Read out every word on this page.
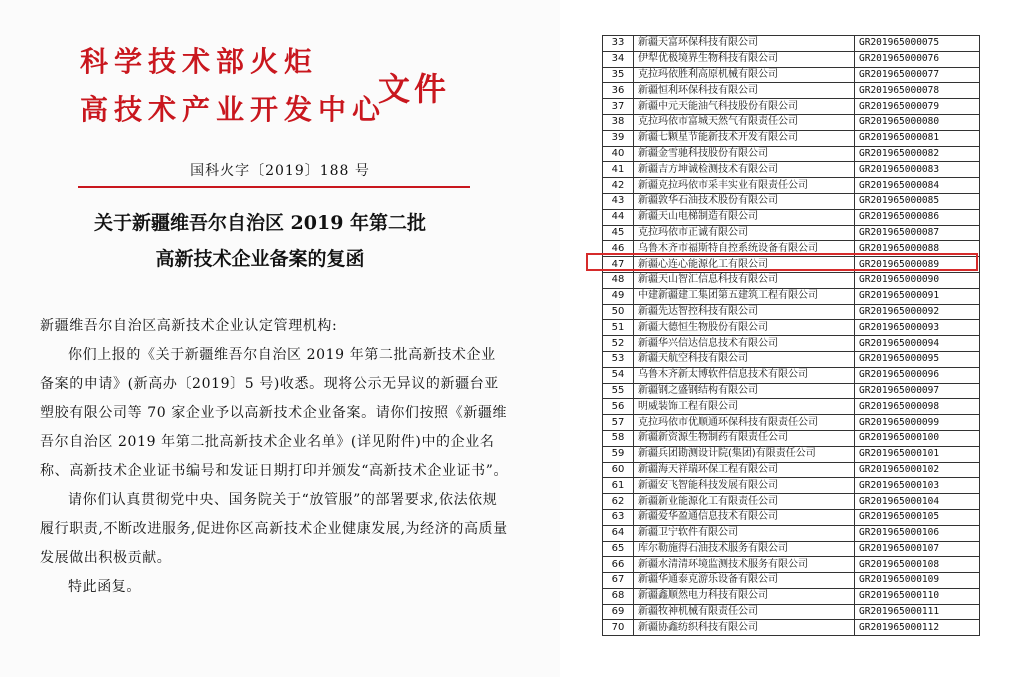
科学技术部火炬
高技术产业开发中心
文件
国科火字〔2019〕188 号
关于新疆维吾尔自治区 2019 年第二批
高新技术企业备案的复函

新疆维吾尔自治区高新技术企业认定管理机构:

你们上报的《关于新疆维吾尔自治区 2019 年第二批高新技术企业备案的申请》(新高办〔2019〕5 号)收悉。现将公示无异议的新疆台亚塑胶有限公司等 70 家企业予以高新技术企业备案。请你们按照《新疆维吾尔自治区 2019 年第二批高新技术企业名单》(详见附件)中的企业名称、高新技术企业证书编号和发证日期打印并颁发“高新技术企业证书”。

请你们认真贯彻党中央、国务院关于“放管服”的部署要求,依法依规履行职责,不断改进服务,促进你区高新技术企业健康发展,为经济的高质量发展做出积极贡献。

特此函复。

33	新疆天富环保科技有限公司	GR201965000075
34	伊犁优极境界生物科技有限公司	GR201965000076
35	克拉玛依胜利高原机械有限公司	GR201965000077
36	新疆恒利环保科技有限公司	GR201965000078
37	新疆中元天能油气科技股份有限公司	GR201965000079
38	克拉玛依市富城天然气有限责任公司	GR201965000080
39	新疆七颗星节能新技术开发有限公司	GR201965000081
40	新疆金雪驰科技股份有限公司	GR201965000082
41	新疆吉方坤诚检测技术有限公司	GR201965000083
42	新疆克拉玛依市采丰实业有限责任公司	GR201965000084
43	新疆敦华石油技术股份有限公司	GR201965000085
44	新疆天山电梯制造有限公司	GR201965000086
45	克拉玛依市正诚有限公司	GR201965000087
46	乌鲁木齐市福斯特自控系统设备有限公司	GR201965000088
47	新疆心连心能源化工有限公司	GR201965000089
48	新疆天山智汇信息科技有限公司	GR201965000090
49	中建新疆建工集团第五建筑工程有限公司	GR201965000091
50	新疆先达智控科技有限公司	GR201965000092
51	新疆大德恒生物股份有限公司	GR201965000093
52	新疆华兴信达信息技术有限公司	GR201965000094
53	新疆天航空科技有限公司	GR201965000095
54	乌鲁木齐新太博软件信息技术有限公司	GR201965000096
55	新疆钢之盛钢结构有限公司	GR201965000097
56	明威装饰工程有限公司	GR201965000098
57	克拉玛依市优顺通环保科技有限责任公司	GR201965000099
58	新疆新资源生物制药有限责任公司	GR201965000100
59	新疆兵团勘测设计院(集团)有限责任公司	GR201965000101
60	新疆海天祥瑞环保工程有限公司	GR201965000102
61	新疆安飞智能科技发展有限公司	GR201965000103
62	新疆新业能源化工有限责任公司	GR201965000104
63	新疆爱华盈通信息技术有限公司	GR201965000105
64	新疆卫宁软件有限公司	GR201965000106
65	库尔勒施得石油技术服务有限公司	GR201965000107
66	新疆水清清环境监测技术服务有限公司	GR201965000108
67	新疆华通泰克游乐设备有限公司	GR201965000109
68	新疆鑫顺然电力科技有限公司	GR201965000110
69	新疆牧神机械有限责任公司	GR201965000111
70	新疆协鑫纺织科技有限公司	GR201965000112
